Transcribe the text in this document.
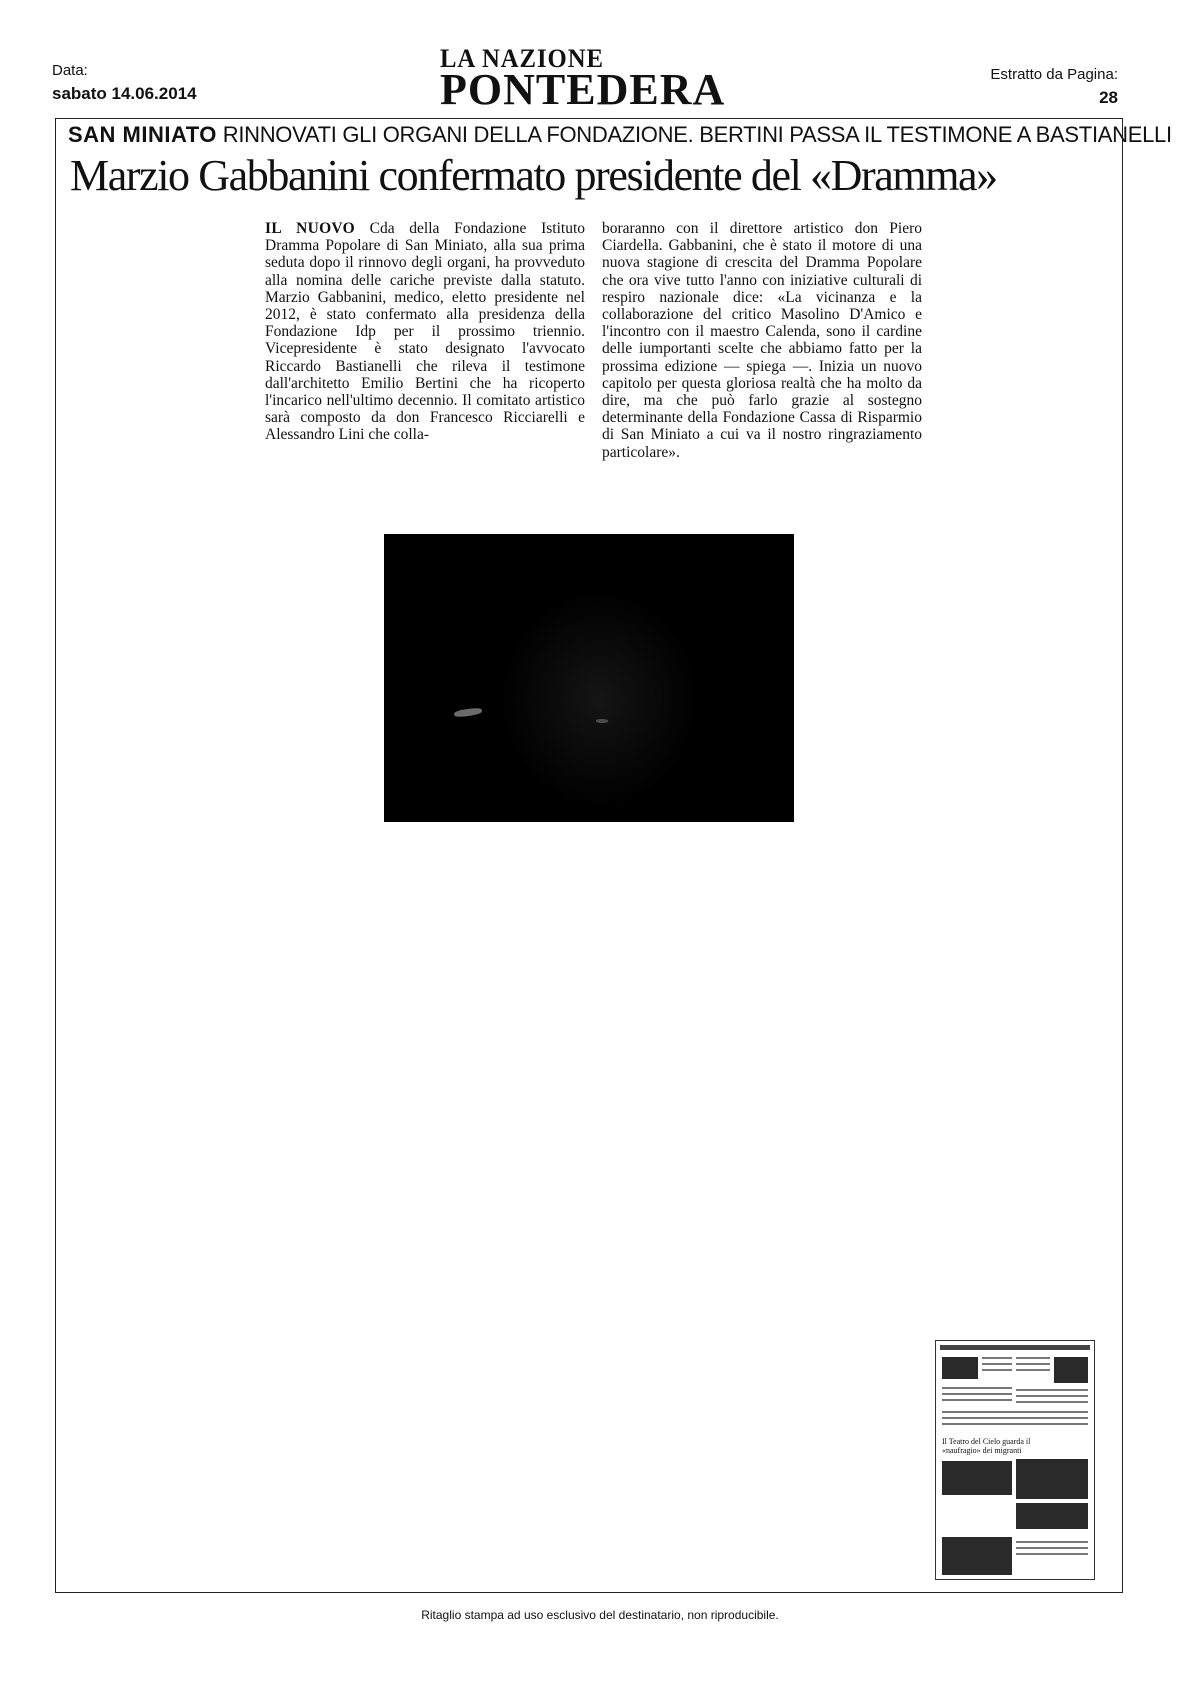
Data:
sabato 14.06.2014
LA NAZIONE
PONTEDERA	Estratto da Pagina:
28
SAN MINIATO RINNOVATI GLI ORGANI DELLA FONDAZIONE. BERTINI PASSA IL TESTIMONE A BASTIANELLI
Marzio Gabbanini confermato presidente del «Dramma»
IL NUOVO Cda della Fondazione Istituto Dramma Popolare di San Miniato, alla sua prima seduta dopo il rinnovo degli organi, ha provveduto alla nomina delle cariche previste dalla statuto. Marzio Gabbanini, medico, eletto presidente nel 2012, è stato confermato alla presidenza della Fondazione Idp per il prossimo triennio. Vicepresidente è stato designato l'avvocato Riccardo Bastianelli che rileva il testimone dall'architetto Emilio Bertini che ha ricoperto l'incarico nell'ultimo decennio. Il comitato artistico sarà composto da don Francesco Ricciarelli e Alessandro Lini che colla-
boraranno con il direttore artistico don Piero Ciardella. Gabbanini, che è stato il motore di una nuova stagione di crescita del Dramma Popolare che ora vive tutto l'anno con iniziative culturali di respiro nazionale dice: «La vicinanza e la collaborazione del critico Masolino D'Amico e l'incontro con il maestro Calenda, sono il cardine delle iumportanti scelte che abbiamo fatto per la prossima edizione — spiega —. Inizia un nuovo capitolo per questa gloriosa realtà che ha molto da dire, ma che può farlo grazie al sostegno determinante della Fondazione Cassa di Risparmio di San Miniato a cui va il nostro ringraziamento particolare».
Il Teatro del Cielo guarda il «naufragio» dei migranti
Ritaglio stampa ad uso esclusivo del destinatario, non riproducibile.
